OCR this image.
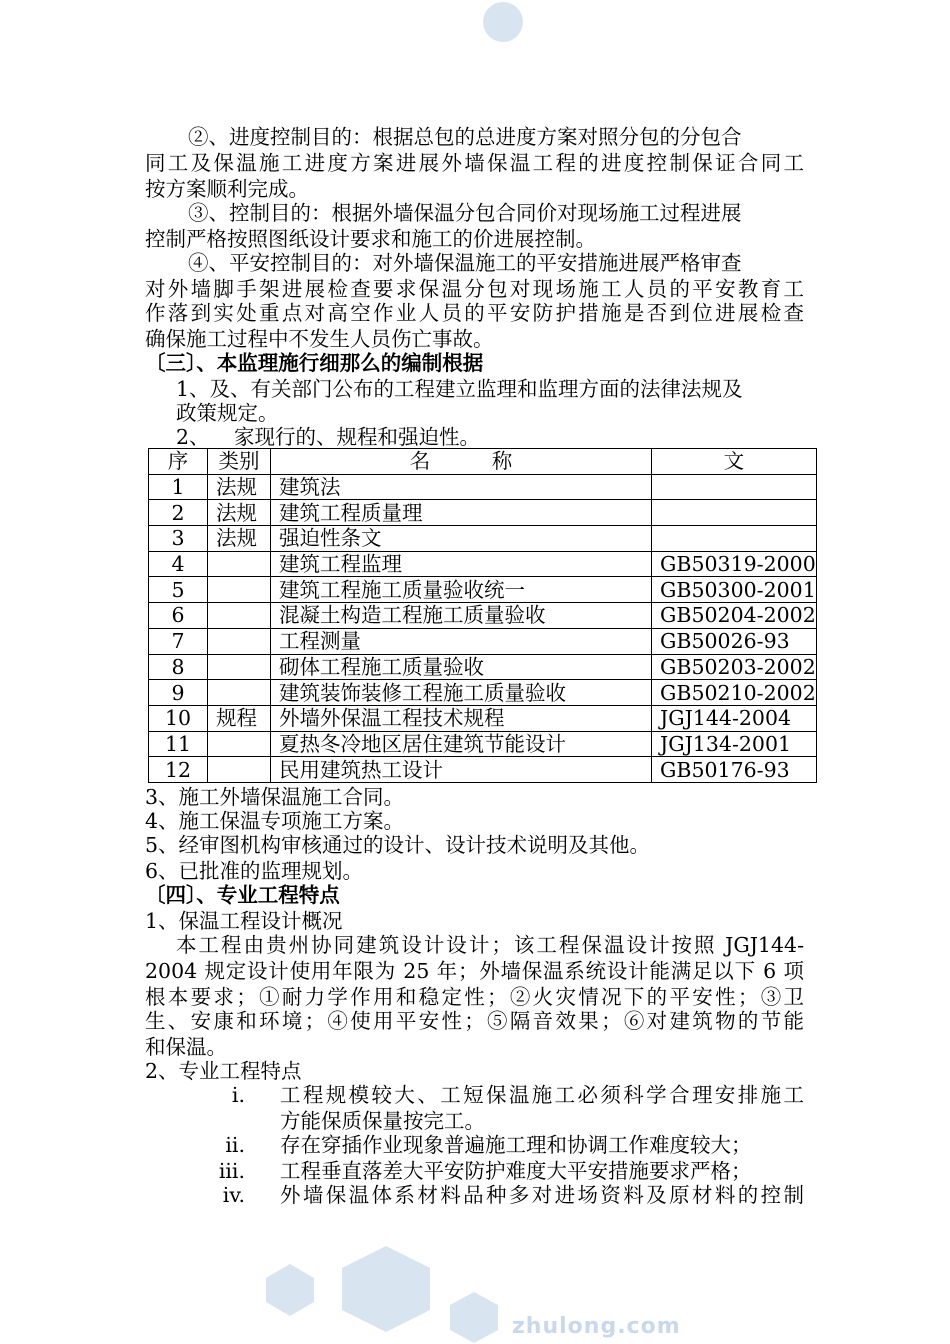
zhulong.com
②、进度控制目的：根据总包的总进度方案对照分包的分包合
同工及保温施工进度方案进展外墙保温工程的进度控制保证合同工
按方案顺利完成。
③、控制目的：根据外墙保温分包合同价对现场施工过程进展
控制严格按照图纸设计要求和施工的价进展控制。
④、平安控制目的：对外墙保温施工的平安措施进展严格审查
对外墙脚手架进展检查要求保温分包对现场施工人员的平安教育工
作落到实处重点对高空作业人员的平安防护措施是否到位进展检查
确保施工过程中不发生人员伤亡事故。
〔三〕、本监理施行细那么的编制根据
1、及、有关部门公布的工程建立监理和监理方面的法律法规及
政策规定。
2、 家现行的、规程和强迫性。
序	类别	名　　　称	文
1	法规	建筑法	
2	法规	建筑工程质量理	
3	法规	强迫性条文	
4		建筑工程监理	GB50319-2000
5		建筑工程施工质量验收统一	GB50300-2001
6		混凝土构造工程施工质量验收	GB50204-2002
7		工程测量	GB50026-93
8		砌体工程施工质量验收	GB50203-2002
9		建筑装饰装修工程施工质量验收	GB50210-2002
10	规程	外墙外保温工程技术规程	JGJ144-2004
11		夏热冬冷地区居住建筑节能设计	JGJ134-2001
12		民用建筑热工设计	GB50176-93
3、施工外墙保温施工合同。
4、施工保温专项施工方案。
5、经审图机构审核通过的设计、设计技术说明及其他。
6、已批准的监理规划。
〔四〕、专业工程特点
1、保温工程设计概况
本工程由贵州协同建筑设计设计；该工程保温设计按照 JGJ144-
2004 规定设计使用年限为 25 年；外墙保温系统设计能满足以下 6 项
根本要求；①耐力学作用和稳定性；②火灾情况下的平安性；③卫
生、安康和环境；④使用平安性；⑤隔音效果；⑥对建筑物的节能
和保温。
2、专业工程特点
i. 工程规模较大、工短保温施工必须科学合理安排施工
方能保质保量按完工。
ii. 存在穿插作业现象普遍施工理和协调工作难度较大；
iii. 工程垂直落差大平安防护难度大平安措施要求严格；
iv. 外墙保温体系材料品种多对进场资料及原材料的控制
